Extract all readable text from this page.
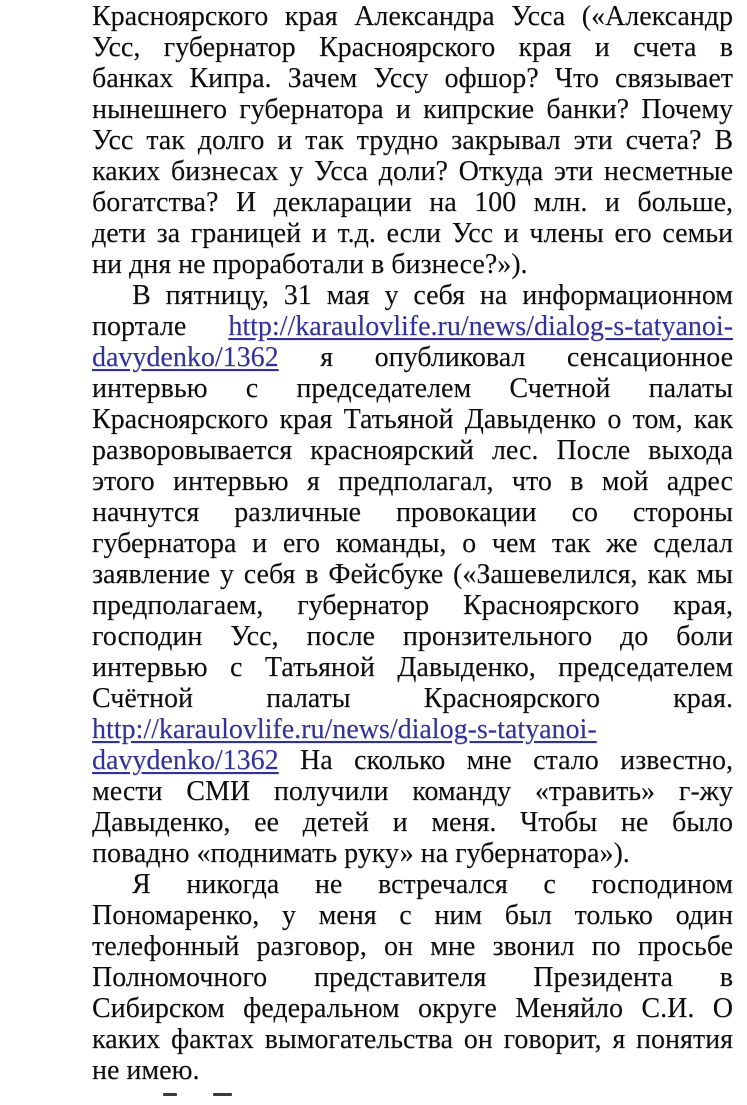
Красноярского края Александра Усса («Александр
Усс, губернатор Красноярского края и счета в
банках Кипра. Зачем Уссу офшор? Что связывает
нынешнего губернатора и кипрские банки? Почему
Усс так долго и так трудно закрывал эти счета? В
каких бизнесах у Усса доли? Откуда эти несметные
богатства? И декларации на 100 млн. и больше,
дети за границей и т.д. если Усс и члены его семьи
ни дня не проработали в бизнесе?»).
В пятницу, 31 мая у себя на информационном
портале http://karaulovlife.ru/news/dialog-s-tatyanoi-
davydenko/1362 я опубликовал сенсационное
интервью с председателем Счетной палаты
Красноярского края Татьяной Давыденко о том, как
разворовывается красноярский лес. После выхода
этого интервью я предполагал, что в мой адрес
начнутся различные провокации со стороны
губернатора и его команды, о чем так же сделал
заявление у себя в Фейсбуке («Зашевелился, как мы
предполагаем, губернатор Красноярского края,
господин Усс, после пронзительного до боли
интервью с Татьяной Давыденко, председателем
Счётной палаты Красноярского края.
http://karaulovlife.ru/news/dialog-s-tatyanoi-
davydenko/1362 На сколько мне стало известно,
мести СМИ получили команду «травить» г-жу
Давыденко, ее детей и меня. Чтобы не было
повадно «поднимать руку» на губернатора»).
Я никогда не встречался с господином
Пономаренко, у меня с ним был только один
телефонный разговор, он мне звонил по просьбе
Полномочного представителя Президента в
Сибирском федеральном округе Меняйло С.И. О
каких фактах вымогательства он говорит, я понятия
не имею.
